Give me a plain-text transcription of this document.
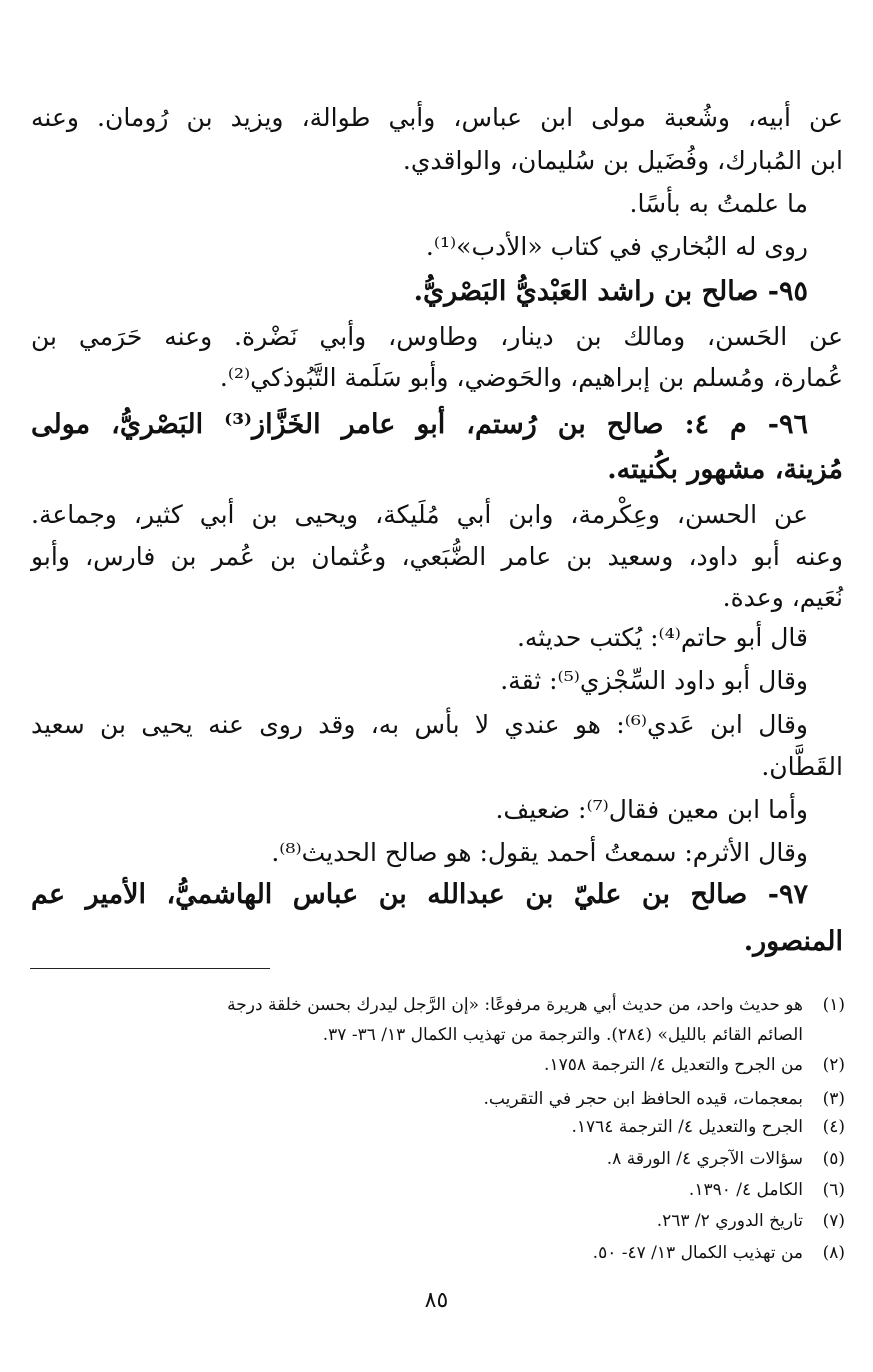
عن أبيه، وشُعبة مولى ابن عباس، وأبي طوالة، ويزيد بن رُومان. وعنه
ابن المُبارك، وفُضَيل بن سُليمان، والواقدي.
ما علمتُ به بأسًا.
روى له البُخاري في كتاب «الأدب»⁽¹⁾.
٩٥- صالح بن راشد العَبْديُّ البَصْريُّ.
عن الحَسن، ومالك بن دينار، وطاوس، وأبي نَضْرة. وعنه حَرَمي بن
عُمارة، ومُسلم بن إبراهيم، والحَوضي، وأبو سَلَمة التَّبُوذكي⁽²⁾.
٩٦- م ٤: صالح بن رُستم، أبو عامر الخَزَّاز⁽³⁾ البَصْريُّ، مولى
مُزينة، مشهور بكُنيته.
عن الحسن، وعِكْرمة، وابن أبي مُلَيكة، ويحيى بن أبي كثير، وجماعة.
وعنه أبو داود، وسعيد بن عامر الضُّبَعي، وعُثمان بن عُمر بن فارس، وأبو
نُعَيم، وعدة.
قال أبو حاتم⁽⁴⁾: يُكتب حديثه.
وقال أبو داود السِّجْزي⁽⁵⁾: ثقة.
وقال ابن عَدي⁽⁶⁾: هو عندي لا بأس به، وقد روى عنه يحيى بن سعيد
القَطَّان.
وأما ابن معين فقال⁽⁷⁾: ضعيف.
وقال الأثرم: سمعتُ أحمد يقول: هو صالح الحديث⁽⁸⁾.
٩٧- صالح بن عليّ بن عبدالله بن عباس الهاشميُّ، الأمير عم
المنصور.
(١)هو حديث واحد، من حديث أبي هريرة مرفوعًا: «إن الرَّجل ليدرك بحسن خلقة درجة
الصائم القائم بالليل» (٢٨٤). والترجمة من تهذيب الكمال ١٣/ ٣٦- ٣٧.
(٢)من الجرح والتعديل ٤/ الترجمة ١٧٥٨.
(٣)بمعجمات، قيده الحافظ ابن حجر في التقريب.
(٤)الجرح والتعديل ٤/ الترجمة ١٧٦٤.
(٥)سؤالات الآجري ٤/ الورقة ٨.
(٦)الكامل ٤/ ١٣٩٠.
(٧)تاريخ الدوري ٢/ ٢٦٣.
(٨)من تهذيب الكمال ١٣/ ٤٧- ٥٠.
٨٥
